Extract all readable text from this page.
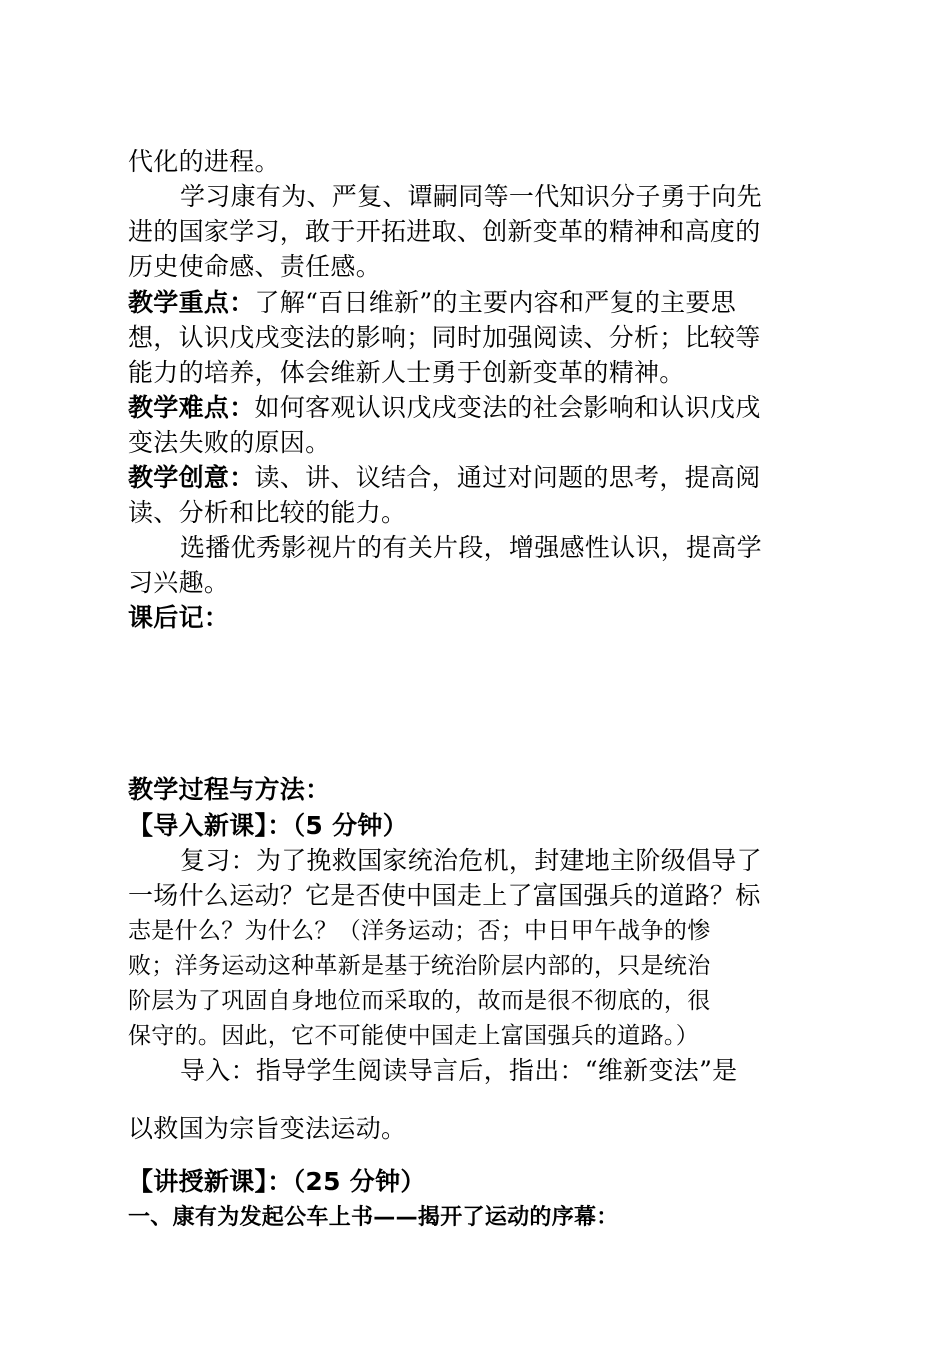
代化的进程。
学习康有为、严复、谭嗣同等一代知识分子勇于向先
进的国家学习，敢于开拓进取、创新变革的精神和高度的
历史使命感、责任感。
教学重点：了解“百日维新”的主要内容和严复的主要思
想，认识戊戌变法的影响；同时加强阅读、分析；比较等
能力的培养，体会维新人士勇于创新变革的精神。
教学难点：如何客观认识戊戌变法的社会影响和认识戊戌
变法失败的原因。
教学创意：读、讲、议结合，通过对问题的思考，提高阅
读、分析和比较的能力。
选播优秀影视片的有关片段，增强感性认识，提高学
习兴趣。
课后记：
教学过程与方法：
【导入新课】：（5 分钟）
复习：为了挽救国家统治危机，封建地主阶级倡导了
一场什么运动？它是否使中国走上了富国强兵的道路？标
志是什么？为什么？（洋务运动；否；中日甲午战争的惨
败；洋务运动这种革新是基于统治阶层内部的，只是统治
阶层为了巩固自身地位而采取的，故而是很不彻底的，很
保守的。因此，它不可能使中国走上富国强兵的道路。）
导入：指导学生阅读导言后，指出：“维新变法”是
以救国为宗旨变法运动。
【讲授新课】：（25 分钟）
一、康有为发起公车上书——揭开了运动的序幕：
